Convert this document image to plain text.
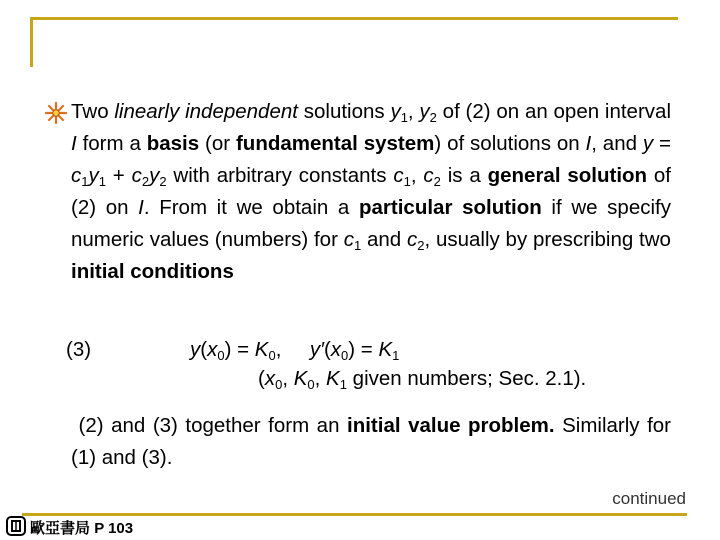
Two linearly independent solutions $y_1$, $y_2$ of (2) on an open interval I form a basis (or fundamental system) of solutions on I, and $y = c_1y_1 + c_2y_2$ with arbitrary constants $c_1$, $c_2$ is a general solution of (2) on I. From it we obtain a particular solution if we specify numeric values (numbers) for $c_1$ and $c_2$, usually by prescribing two initial conditions
(3)	$y(x_0) = K_0$,     $y'(x_0) = K_1$
($x_0$, $K_0$, $K_1$ given numbers; Sec. 2.1).
(2) and (3) together form an initial value problem. Similarly for (1) and (3).
continued
歐亞書局 P 103
